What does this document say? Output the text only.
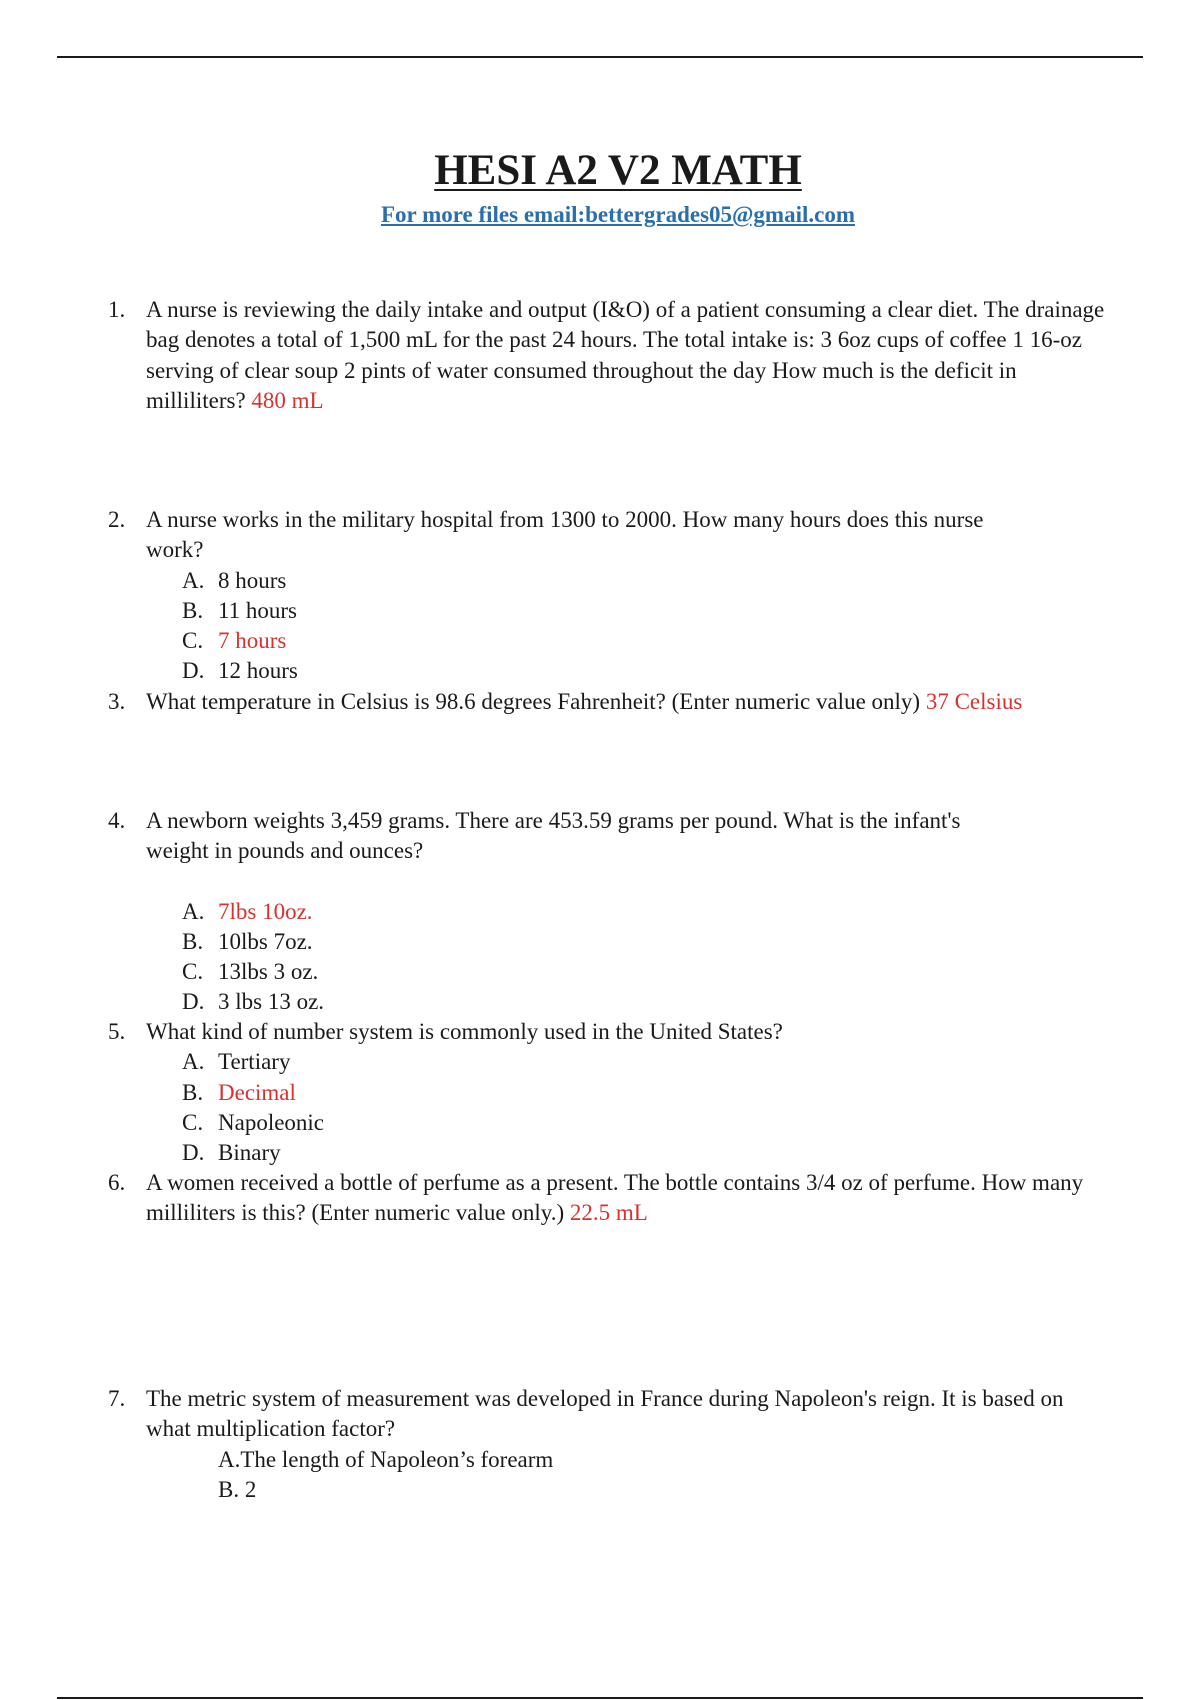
HESI A2 V2 MATH
For more files email:bettergrades05@gmail.com
1. A nurse is reviewing the daily intake and output (I&O) of a patient consuming a clear diet. The drainage bag denotes a total of 1,500 mL for the past 24 hours. The total intake is: 3 6oz cups of coffee 1 16-oz serving of clear soup 2 pints of water consumed throughout the day How much is the deficit in milliliters? 480 mL
2. A nurse works in the military hospital from 1300 to 2000. How many hours does this nurse work?
A. 8 hours
B. 11 hours
C. 7 hours
D. 12 hours
3. What temperature in Celsius is 98.6 degrees Fahrenheit? (Enter numeric value only) 37 Celsius
4. A newborn weights 3,459 grams. There are 453.59 grams per pound. What is the infant's weight in pounds and ounces?
A. 7lbs 10oz.
B. 10lbs 7oz.
C. 13lbs 3 oz.
D. 3 lbs 13 oz.
5. What kind of number system is commonly used in the United States?
A. Tertiary
B. Decimal
C. Napoleonic
D. Binary
6. A women received a bottle of perfume as a present. The bottle contains 3/4 oz of perfume. How many milliliters is this? (Enter numeric value only.) 22.5 mL
7. The metric system of measurement was developed in France during Napoleon's reign. It is based on what multiplication factor?
A.The length of Napoleon’s forearm
B. 2
